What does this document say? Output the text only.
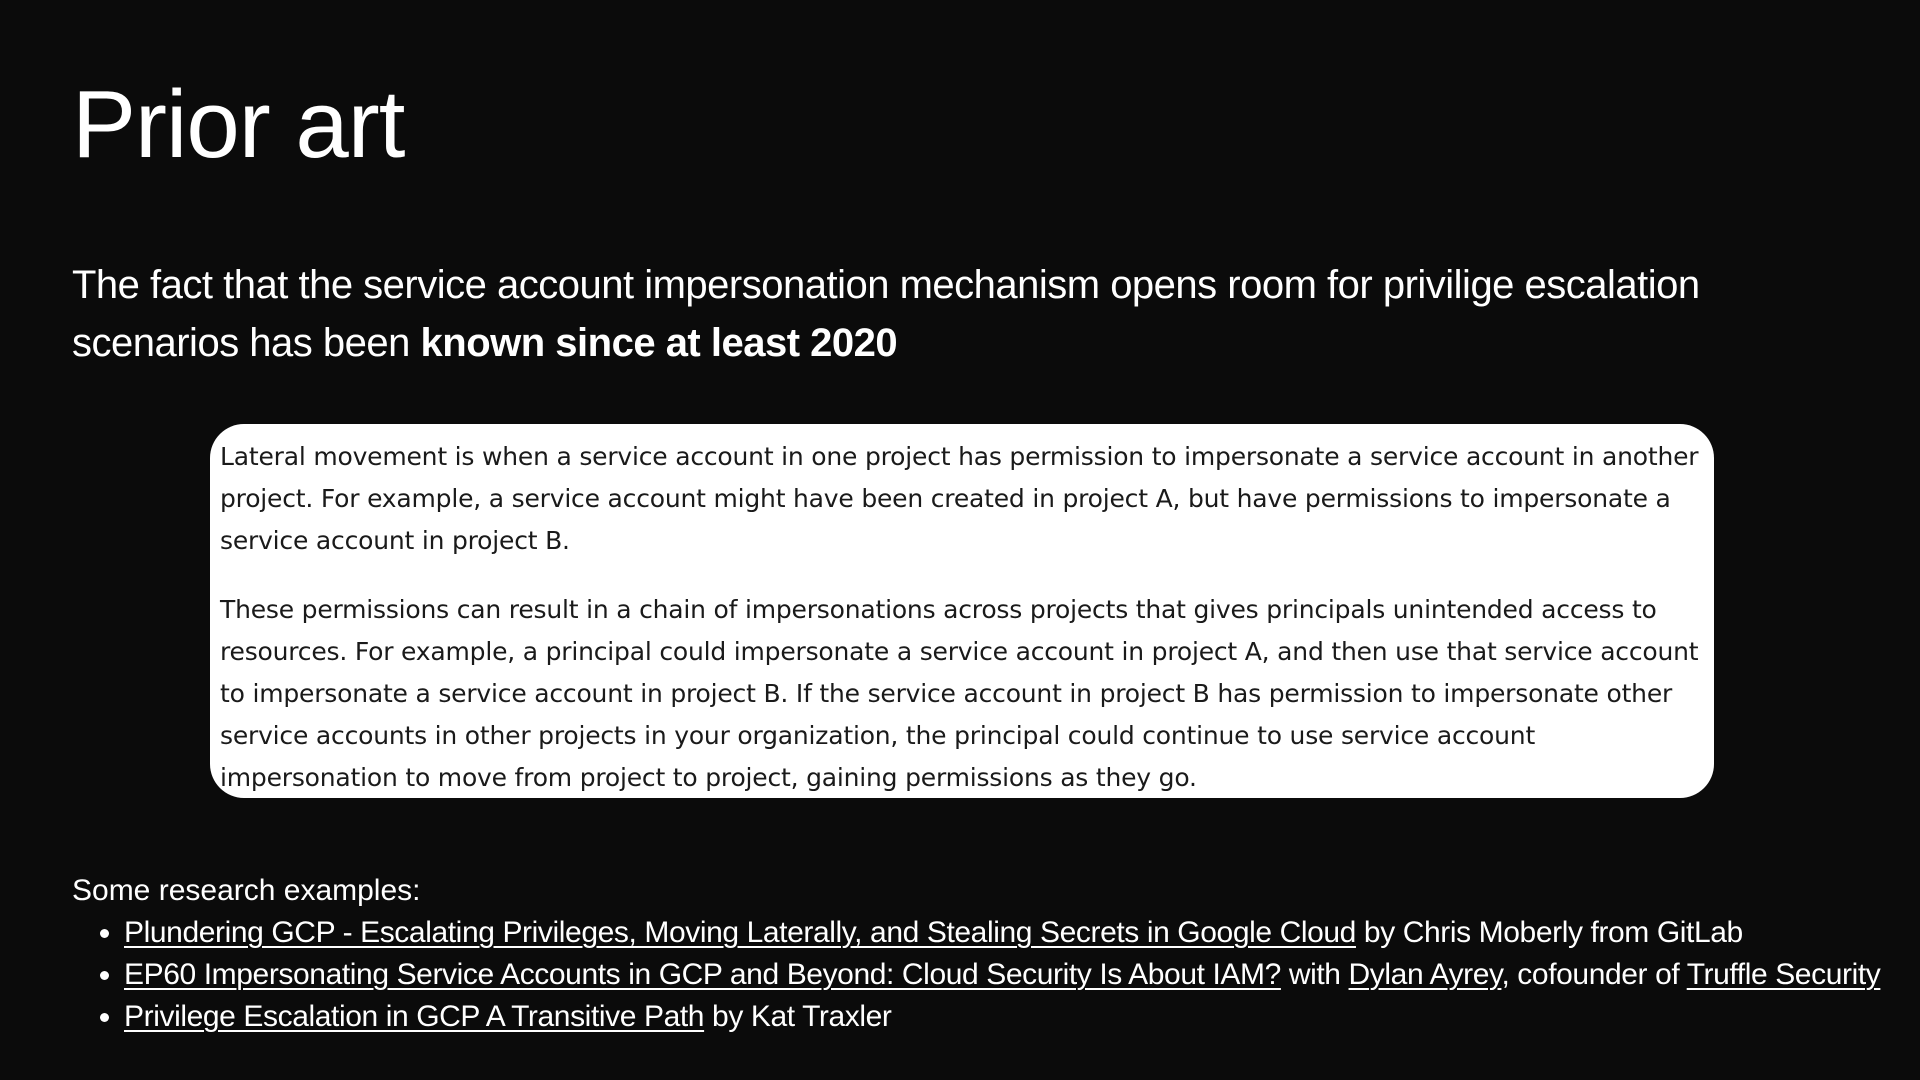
Prior art

The fact that the service account impersonation mechanism opens room for privilige escalation scenarios has been known since at least 2020

Lateral movement is when a service account in one project has permission to impersonate a service account in another project. For example, a service account might have been created in project A, but have permissions to impersonate a service account in project B.

These permissions can result in a chain of impersonations across projects that gives principals unintended access to resources. For example, a principal could impersonate a service account in project A, and then use that service account to impersonate a service account in project B. If the service account in project B has permission to impersonate other service accounts in other projects in your organization, the principal could continue to use service account impersonation to move from project to project, gaining permissions as they go.

Some research examples:

• Plundering GCP - Escalating Privileges, Moving Laterally, and Stealing Secrets in Google Cloud by Chris Moberly from GitLab
• EP60 Impersonating Service Accounts in GCP and Beyond: Cloud Security Is About IAM? with Dylan Ayrey, cofounder of Truffle Security
• Privilege Escalation in GCP A Transitive Path by Kat Traxler
